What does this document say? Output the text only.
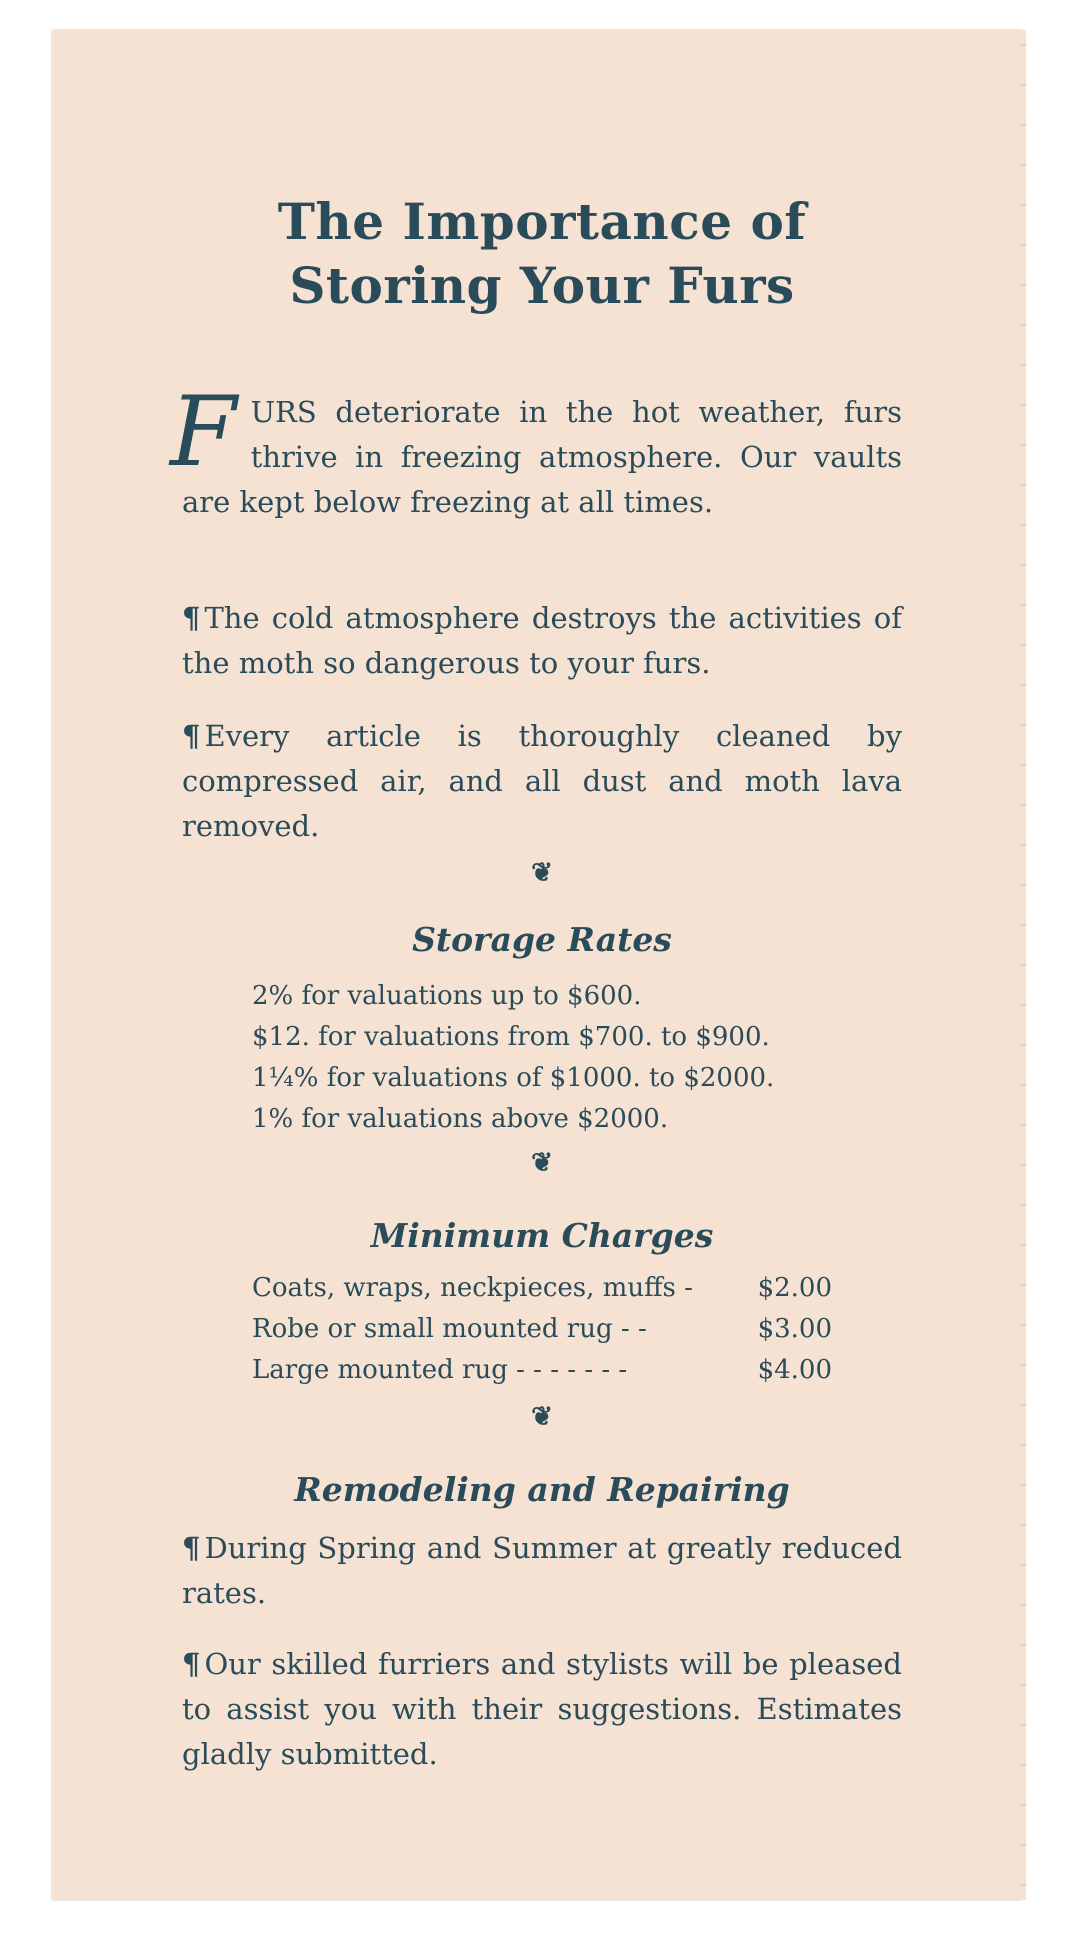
The Importance of
Storing Your Furs
F URS deteriorate in the hot weather, furs thrive in freezing atmosphere. Our vaults are kept below freezing at all times.
¶ The cold atmosphere destroys the activities of the moth so dangerous to your furs.
¶ Every article is thoroughly cleaned by compressed air, and all dust and moth lava removed.
❦
Storage Rates
2% for valuations up to $600.
$12. for valuations from $700. to $900.
1¼% for valuations of $1000. to $2000.
1% for valuations above $2000.
❦
Minimum Charges
Coats, wraps, neckpieces, muffs - $2.00
Robe or small mounted rug - -	$3.00
Large mounted rug - - - - - - -	$4.00
❦
Remodeling and Repairing
¶ During Spring and Summer at greatly reduced rates.
¶ Our skilled furriers and stylists will be pleased to assist you with their suggestions. Estimates gladly submitted.
